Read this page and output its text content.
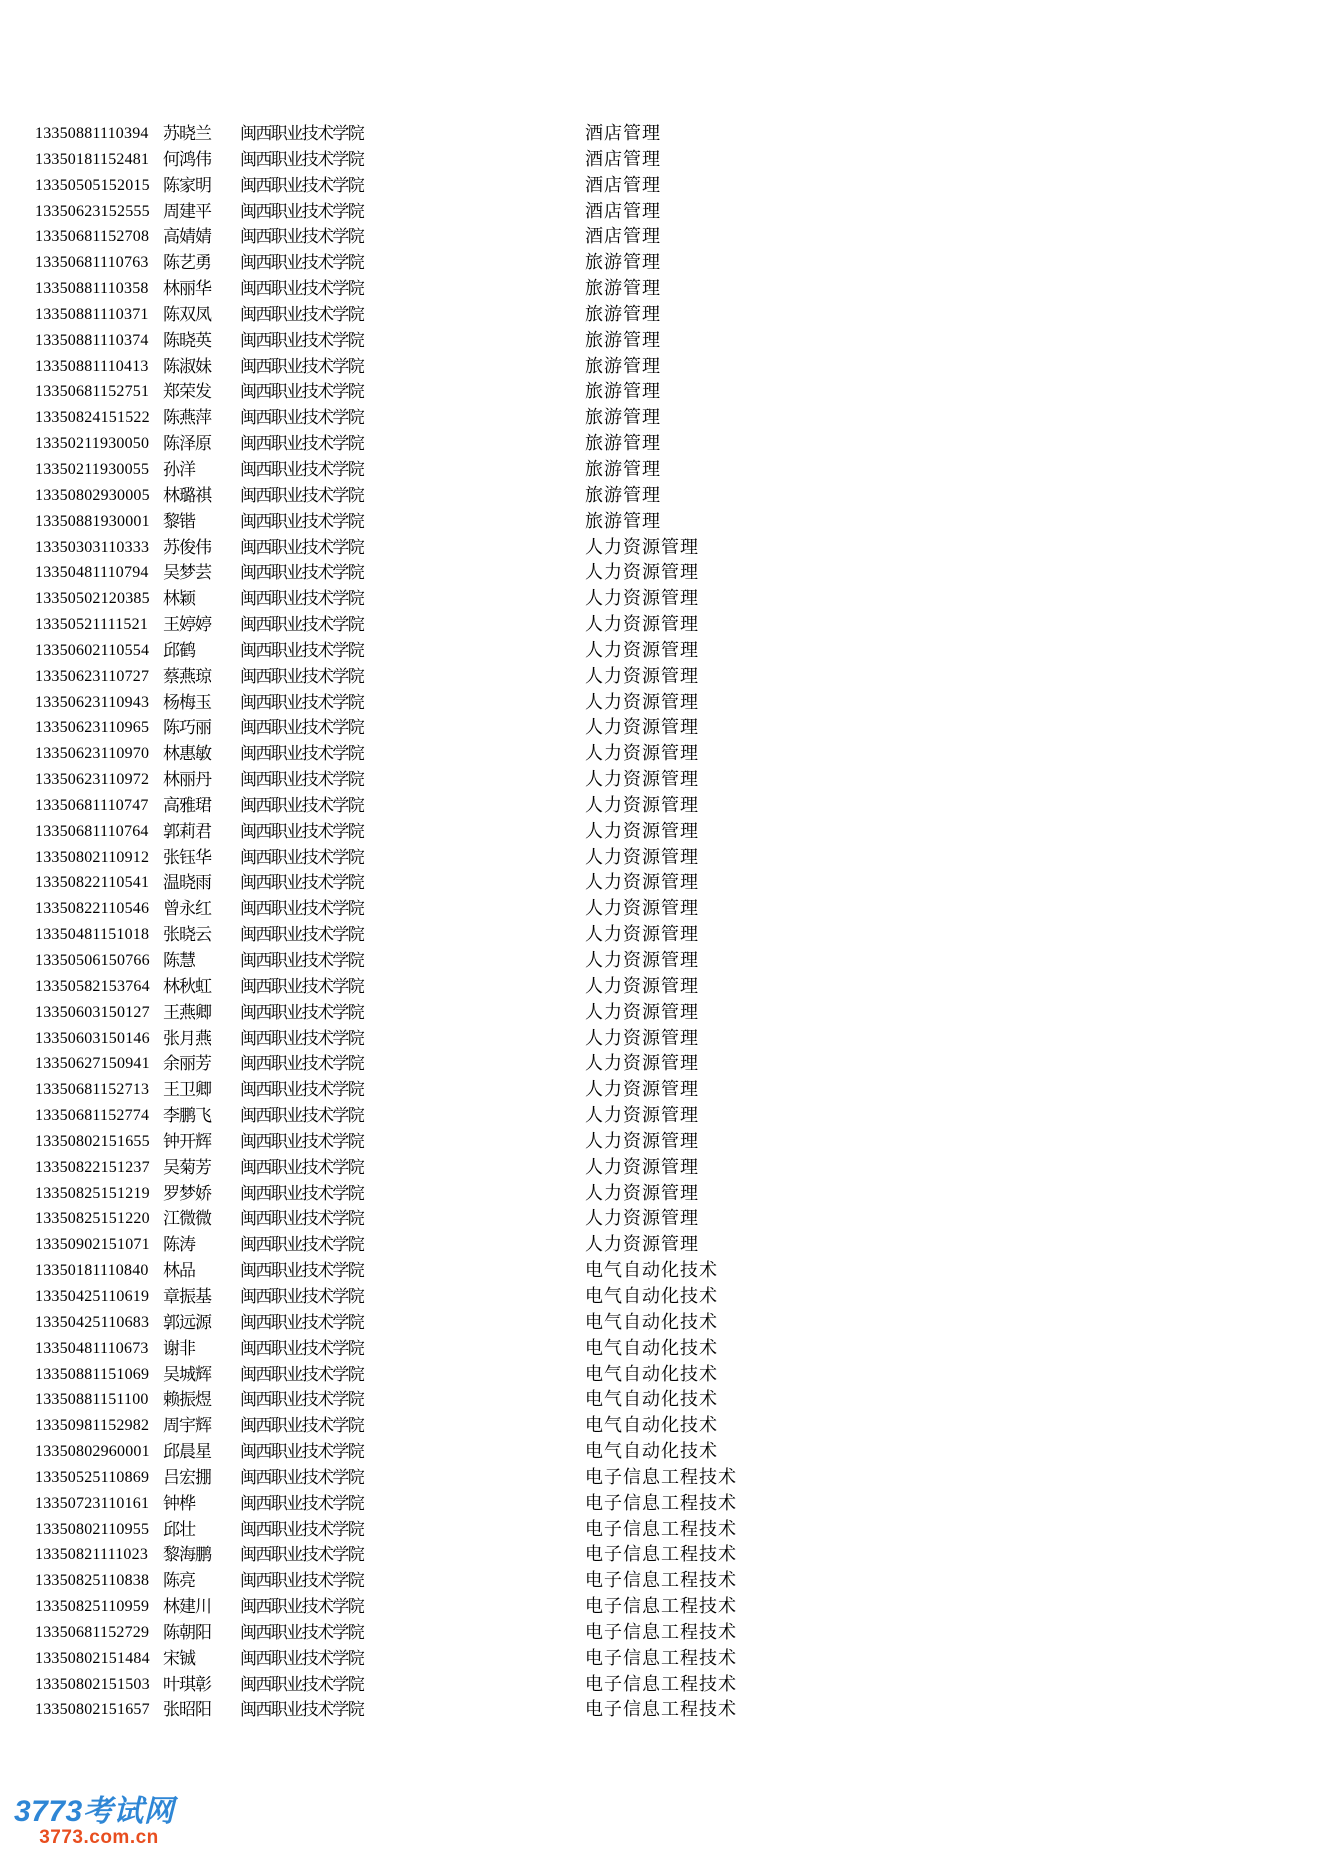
13350881110394 苏晓兰 闽西职业技术学院	酒店管理
13350181152481 何鸿伟 闽西职业技术学院	酒店管理
13350505152015 陈家明 闽西职业技术学院	酒店管理
13350623152555 周建平 闽西职业技术学院	酒店管理
13350681152708 高婧婧 闽西职业技术学院	酒店管理
13350681110763 陈艺勇 闽西职业技术学院	旅游管理
13350881110358 林丽华 闽西职业技术学院	旅游管理
13350881110371 陈双凤 闽西职业技术学院	旅游管理
13350881110374 陈晓英 闽西职业技术学院	旅游管理
13350881110413 陈淑妹 闽西职业技术学院	旅游管理
13350681152751 郑荣发 闽西职业技术学院	旅游管理
13350824151522 陈燕萍 闽西职业技术学院	旅游管理
13350211930050 陈泽原 闽西职业技术学院	旅游管理
13350211930055 孙洋	闽西职业技术学院	旅游管理
13350802930005 林璐祺 闽西职业技术学院	旅游管理
13350881930001 黎锴	闽西职业技术学院	旅游管理
13350303110333 苏俊伟 闽西职业技术学院	人力资源管理
13350481110794 吴梦芸 闽西职业技术学院	人力资源管理
13350502120385 林颖	闽西职业技术学院	人力资源管理
13350521111521 王婷婷 闽西职业技术学院	人力资源管理
13350602110554 邱鹤	闽西职业技术学院	人力资源管理
13350623110727 蔡燕琼 闽西职业技术学院	人力资源管理
13350623110943 杨梅玉 闽西职业技术学院	人力资源管理
13350623110965 陈巧丽 闽西职业技术学院	人力资源管理
13350623110970 林惠敏 闽西职业技术学院	人力资源管理
13350623110972 林丽丹 闽西职业技术学院	人力资源管理
13350681110747 高雅珺 闽西职业技术学院	人力资源管理
13350681110764 郭莉君 闽西职业技术学院	人力资源管理
13350802110912 张钰华 闽西职业技术学院	人力资源管理
13350822110541 温晓雨 闽西职业技术学院	人力资源管理
13350822110546 曾永红 闽西职业技术学院	人力资源管理
13350481151018 张晓云 闽西职业技术学院	人力资源管理
13350506150766 陈慧	闽西职业技术学院	人力资源管理
13350582153764 林秋虹 闽西职业技术学院	人力资源管理
13350603150127 王燕卿 闽西职业技术学院	人力资源管理
13350603150146 张月燕 闽西职业技术学院	人力资源管理
13350627150941 余丽芳 闽西职业技术学院	人力资源管理
13350681152713 王卫卿 闽西职业技术学院	人力资源管理
13350681152774 李鹏飞 闽西职业技术学院	人力资源管理
13350802151655 钟开辉 闽西职业技术学院	人力资源管理
13350822151237 吴菊芳 闽西职业技术学院	人力资源管理
13350825151219 罗梦娇 闽西职业技术学院	人力资源管理
13350825151220 江微微 闽西职业技术学院	人力资源管理
13350902151071 陈涛	闽西职业技术学院	人力资源管理
13350181110840 林品	闽西职业技术学院	电气自动化技术
13350425110619 章振基 闽西职业技术学院	电气自动化技术
13350425110683 郭远源 闽西职业技术学院	电气自动化技术
13350481110673 谢非	闽西职业技术学院	电气自动化技术
13350881151069 吴城辉 闽西职业技术学院	电气自动化技术
13350881151100 赖振煜 闽西职业技术学院	电气自动化技术
13350981152982 周宇辉 闽西职业技术学院	电气自动化技术
13350802960001 邱晨星 闽西职业技术学院	电气自动化技术
13350525110869 吕宏掤 闽西职业技术学院	电子信息工程技术
13350723110161 钟桦	闽西职业技术学院	电子信息工程技术
13350802110955 邱壮	闽西职业技术学院	电子信息工程技术
13350821111023 黎海鹏 闽西职业技术学院	电子信息工程技术
13350825110838 陈亮	闽西职业技术学院	电子信息工程技术
13350825110959 林建川 闽西职业技术学院	电子信息工程技术
13350681152729 陈朝阳 闽西职业技术学院	电子信息工程技术
13350802151484 宋铖	闽西职业技术学院	电子信息工程技术
13350802151503 叶琪彰 闽西职业技术学院	电子信息工程技术
13350802151657 张昭阳 闽西职业技术学院	电子信息工程技术
3773考试网
3773.com.cn
